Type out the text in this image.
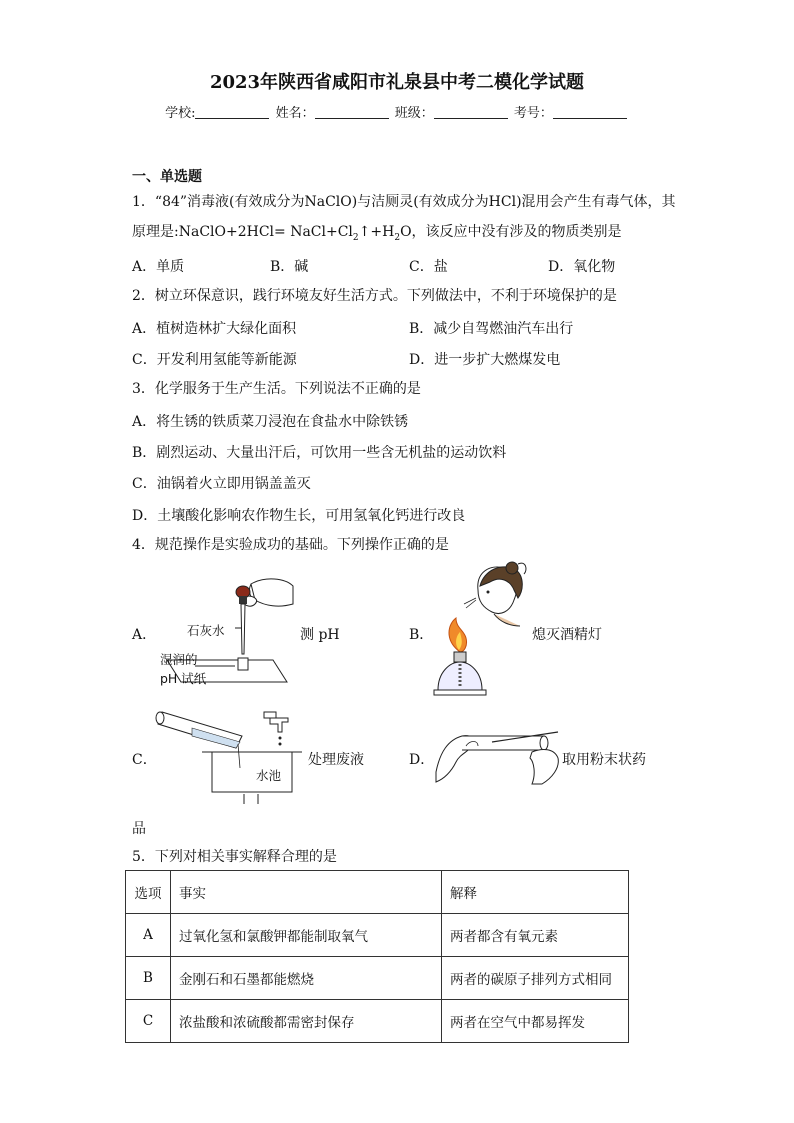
2023年陕西省咸阳市礼泉县中考二模化学试题
学校:	姓名：	班级：	考号：
一、单选题
1．“84”消毒液(有效成分为NaClO)与洁厕灵(有效成分为HCl)混用会产生有毒气体，其
原理是:NaClO+2HCl= $NaCl+Cl_2↑+H_2O$，该反应中没有涉及的物质类别是
A．单质	B．碱	C．盐	D．氧化物
2．树立环保意识，践行环境友好生活方式。下列做法中，不利于环境保护的是
A．植树造林扩大绿化面积	B．减少自驾燃油汽车出行
C．开发利用氢能等新能源	D．进一步扩大燃煤发电
3．化学服务于生产生活。下列说法不正确的是
A．将生锈的铁质菜刀浸泡在食盐水中除铁锈
B．剧烈运动、大量出汗后，可饮用一些含无机盐的运动饮料
C．油锅着火立即用锅盖盖灭
D．土壤酸化影响农作物生长，可用氢氧化钙进行改良
4．规范操作是实验成功的基础。下列操作正确的是
A． 石灰水
湿润的
pH 试纸
测 pH	B．	熄灭酒精灯
C．
水池
处理废液	D．	取用粉末状药
品
5．下列对相关事实解释合理的是
选项	事实	解释
A	过氧化氢和氯酸钾都能制取氧气	两者都含有氧元素
B	金刚石和石墨都能燃烧	两者的碳原子排列方式相同
C	浓盐酸和浓硫酸都需密封保存	两者在空气中都易挥发
